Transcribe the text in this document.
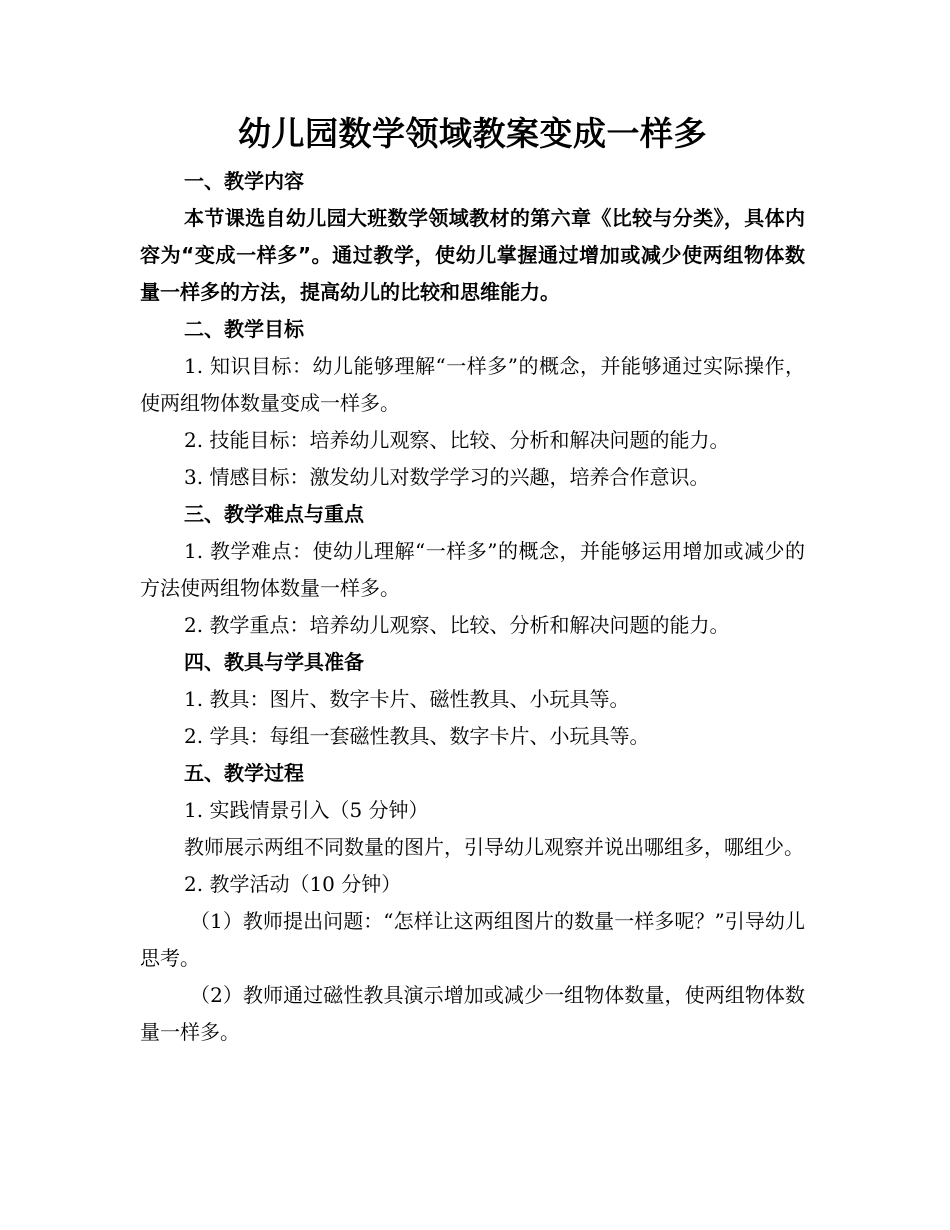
幼儿园数学领域教案变成一样多

一、教学内容

本节课选自幼儿园大班数学领域教材的第六章《比较与分类》，具体内容为“变成一样多”。通过教学，使幼儿掌握通过增加或减少使两组物体数量一样多的方法，提高幼儿的比较和思维能力。

二、教学目标

1. 知识目标：幼儿能够理解“一样多”的概念，并能够通过实际操作，使两组物体数量变成一样多。

2. 技能目标：培养幼儿观察、比较、分析和解决问题的能力。

3. 情感目标：激发幼儿对数学学习的兴趣，培养合作意识。

三、教学难点与重点

1. 教学难点：使幼儿理解“一样多”的概念，并能够运用增加或减少的方法使两组物体数量一样多。

2. 教学重点：培养幼儿观察、比较、分析和解决问题的能力。

四、教具与学具准备

1. 教具：图片、数字卡片、磁性教具、小玩具等。

2. 学具：每组一套磁性教具、数字卡片、小玩具等。

五、教学过程

1. 实践情景引入（5 分钟）

教师展示两组不同数量的图片，引导幼儿观察并说出哪组多，哪组少。

2. 教学活动（10 分钟）

（1）教师提出问题：“怎样让这两组图片的数量一样多呢？”引导幼儿思考。

（2）教师通过磁性教具演示增加或减少一组物体数量，使两组物体数量一样多。
